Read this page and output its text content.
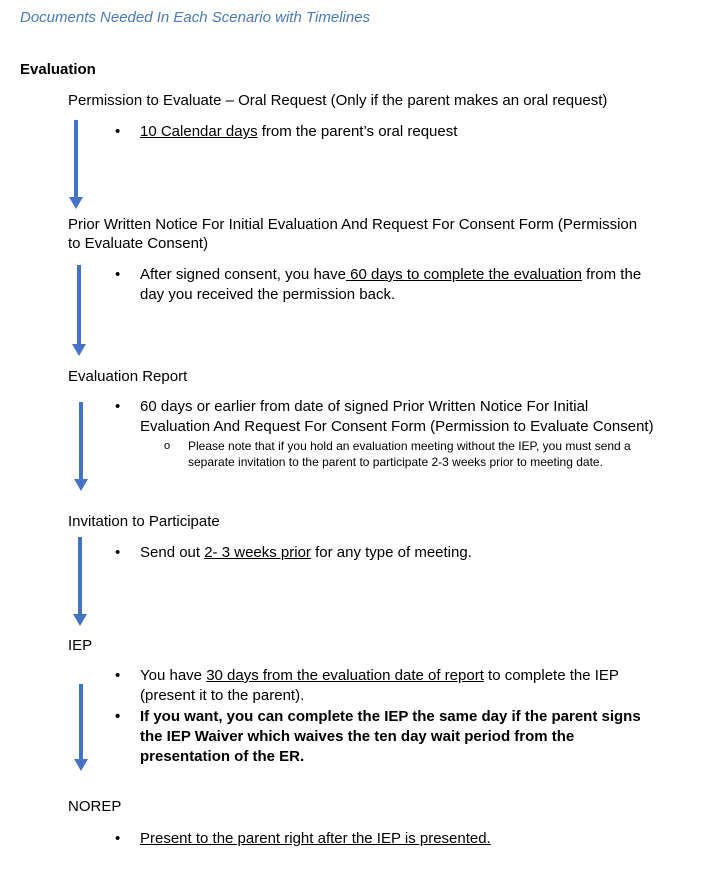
Documents Needed In Each Scenario with Timelines
Evaluation
Permission to Evaluate – Oral Request (Only if the parent makes an oral request)
• 10 Calendar days from the parent’s oral request
Prior Written Notice For Initial Evaluation And Request For Consent Form (Permission
to Evaluate Consent)
• After signed consent, you have 60 days to complete the evaluation from the
day you received the permission back.
Evaluation Report
• 60 days or earlier from date of signed Prior Written Notice For Initial
Evaluation And Request For Consent Form (Permission to Evaluate Consent)
o Please note that if you hold an evaluation meeting without the IEP, you must send a
separate invitation to the parent to participate 2-3 weeks prior to meeting date.
Invitation to Participate
• Send out 2- 3 weeks prior for any type of meeting.
IEP
• You have 30 days from the evaluation date of report to complete the IEP
(present it to the parent).
• If you want, you can complete the IEP the same day if the parent signs
the IEP Waiver which waives the ten day wait period from the
presentation of the ER.
NOREP
• Present to the parent right after the IEP is presented.
